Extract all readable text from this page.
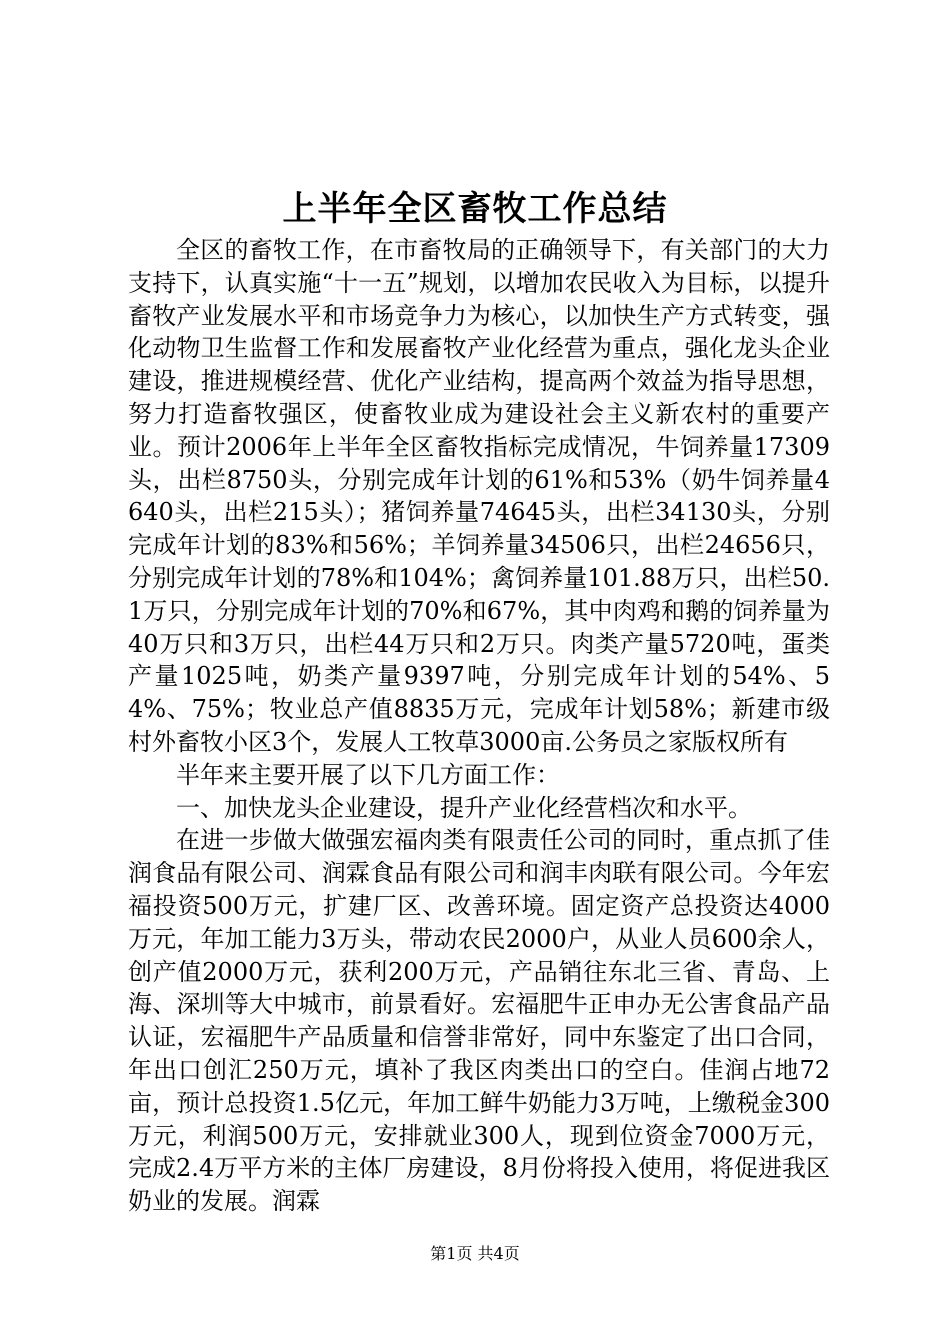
上半年全区畜牧工作总结

全区的畜牧工作，在市畜牧局的正确领导下，有关部门的大力支持下，认真实施“十一五”规划，以增加农民收入为目标，以提升畜牧产业发展水平和市场竞争力为核心，以加快生产方式转变，强化动物卫生监督工作和发展畜牧产业化经营为重点，强化龙头企业建设，推进规模经营、优化产业结构，提高两个效益为指导思想，努力打造畜牧强区，使畜牧业成为建设社会主义新农村的重要产业。预计2006年上半年全区畜牧指标完成情况，牛饲养量17309头，出栏8750头，分别完成年计划的61%和53%（奶牛饲养量4640头，出栏215头）；猪饲养量74645头，出栏34130头，分别完成年计划的83%和56%；羊饲养量34506只，出栏24656只，分别完成年计划的78%和104%；禽饲养量101.88万只，出栏50.1万只，分别完成年计划的70%和67%，其中肉鸡和鹅的饲养量为40万只和3万只，出栏44万只和2万只。肉类产量5720吨，蛋类产量1025吨，奶类产量9397吨，分别完成年计划的54%、54%、75%；牧业总产值8835万元，完成年计划58%；新建市级村外畜牧小区3个，发展人工牧草3000亩.公务员之家版权所有

半年来主要开展了以下几方面工作：

一、加快龙头企业建设，提升产业化经营档次和水平。

在进一步做大做强宏福肉类有限责任公司的同时，重点抓了佳润食品有限公司、润霖食品有限公司和润丰肉联有限公司。今年宏福投资500万元，扩建厂区、改善环境。固定资产总投资达4000万元，年加工能力3万头，带动农民2000户，从业人员600余人，创产值2000万元，获利200万元，产品销往东北三省、青岛、上海、深圳等大中城市，前景看好。宏福肥牛正申办无公害食品产品认证，宏福肥牛产品质量和信誉非常好，同中东鉴定了出口合同，年出口创汇250万元，填补了我区肉类出口的空白。佳润占地72亩，预计总投资1.5亿元，年加工鲜牛奶能力3万吨，上缴税金300万元，利润500万元，安排就业300人，现到位资金7000万元，完成2.4万平方米的主体厂房建设，8月份将投入使用，将促进我区奶业的发展。润霖

第1页 共4页
